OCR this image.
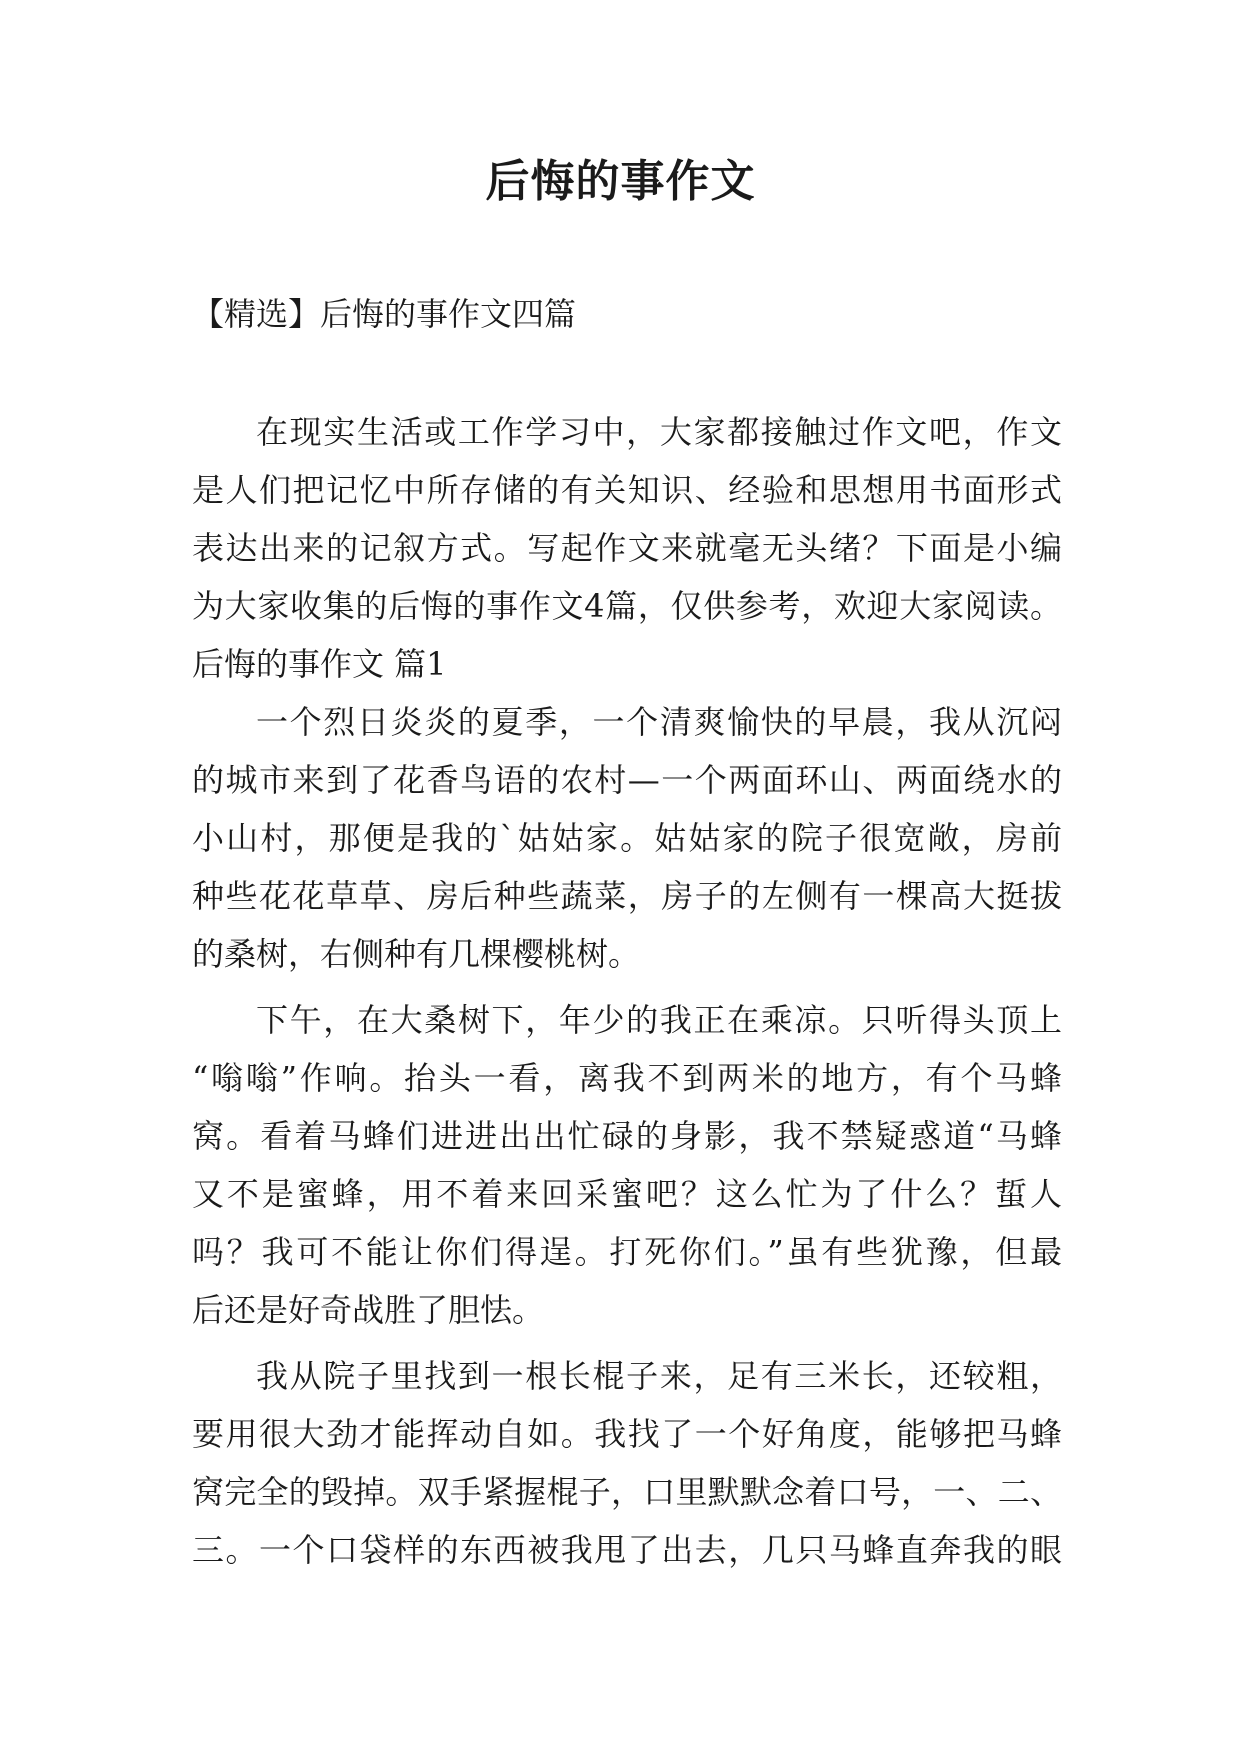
后悔的事作文

【精选】后悔的事作文四篇

在现实生活或工作学习中，大家都接触过作文吧，作文
是人们把记忆中所存储的有关知识、经验和思想用书面形式
表达出来的记叙方式。写起作文来就毫无头绪？下面是小编
为大家收集的后悔的事作文4篇，仅供参考，欢迎大家阅读。
后悔的事作文 篇1
一个烈日炎炎的夏季，一个清爽愉快的早晨，我从沉闷
的城市来到了花香鸟语的农村—一个两面环山、两面绕水的
小山村，那便是我的`姑姑家。姑姑家的院子很宽敞，房前
种些花花草草、房后种些蔬菜，房子的左侧有一棵高大挺拔
的桑树，右侧种有几棵樱桃树。
下午，在大桑树下，年少的我正在乘凉。只听得头顶上
“嗡嗡”作响。抬头一看，离我不到两米的地方，有个马蜂
窝。看着马蜂们进进出出忙碌的身影，我不禁疑惑道“马蜂
又不是蜜蜂，用不着来回采蜜吧？这么忙为了什么？蜇人
吗？我可不能让你们得逞。打死你们。”虽有些犹豫，但最
后还是好奇战胜了胆怯。
我从院子里找到一根长棍子来，足有三米长，还较粗，
要用很大劲才能挥动自如。我找了一个好角度，能够把马蜂
窝完全的毁掉。双手紧握棍子，口里默默念着口号，一、二、
三。一个口袋样的东西被我甩了出去，几只马蜂直奔我的眼
